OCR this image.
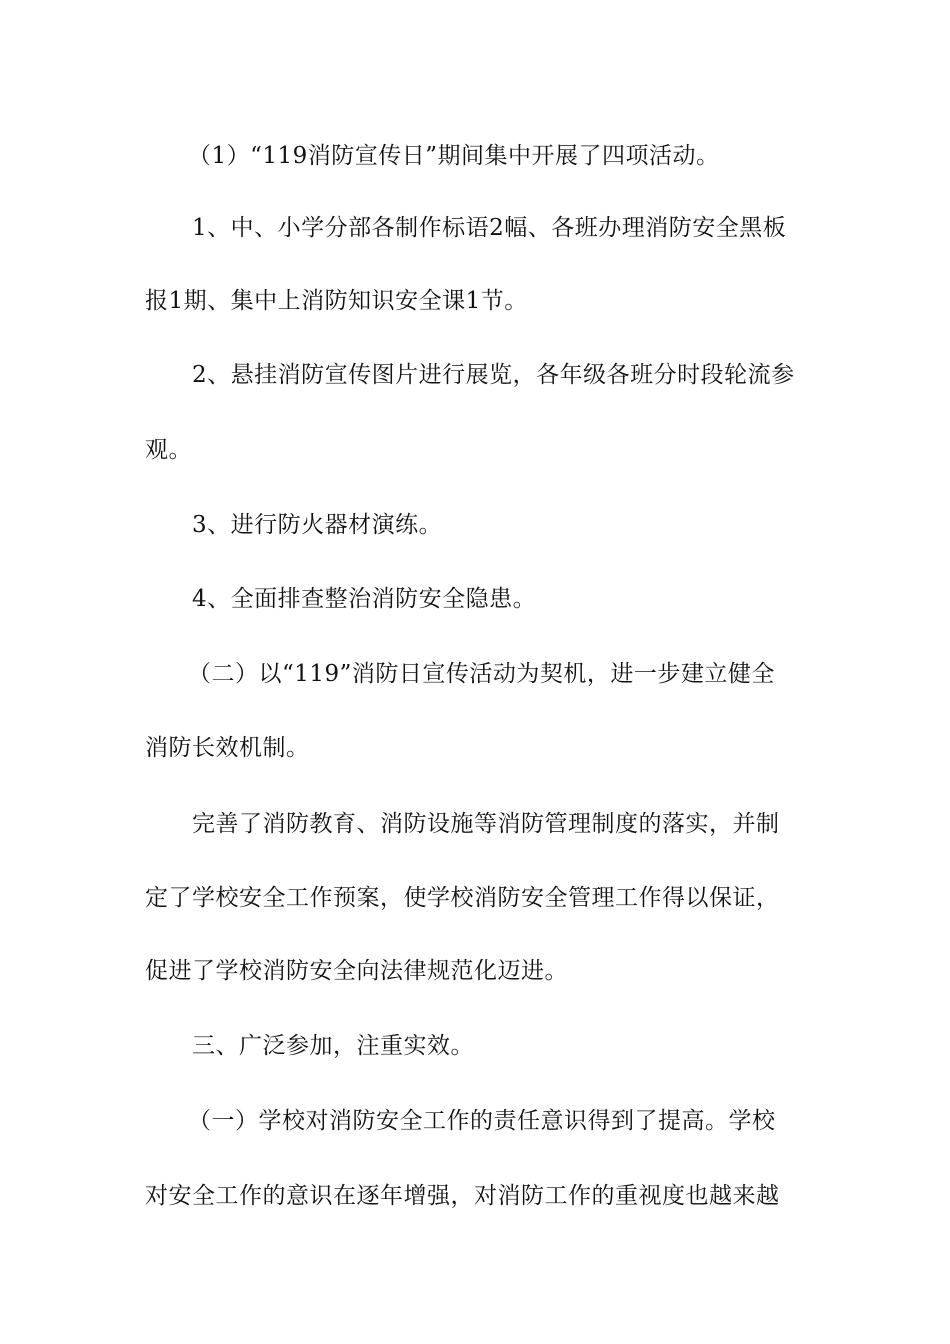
（1）“119消防宣传日”期间集中开展了四项活动。
1、中、小学分部各制作标语2幅、各班办理消防安全黑板
报1期、集中上消防知识安全课1节。
2、悬挂消防宣传图片进行展览，各年级各班分时段轮流参
观。
3、进行防火器材演练。
4、全面排查整治消防安全隐患。
（二）以“119”消防日宣传活动为契机，进一步建立健全
消防长效机制。
完善了消防教育、消防设施等消防管理制度的落实，并制
定了学校安全工作预案，使学校消防安全管理工作得以保证，
促进了学校消防安全向法律规范化迈进。
三、广泛参加，注重实效。
（一）学校对消防安全工作的责任意识得到了提高。学校
对安全工作的意识在逐年增强，对消防工作的重视度也越来越
